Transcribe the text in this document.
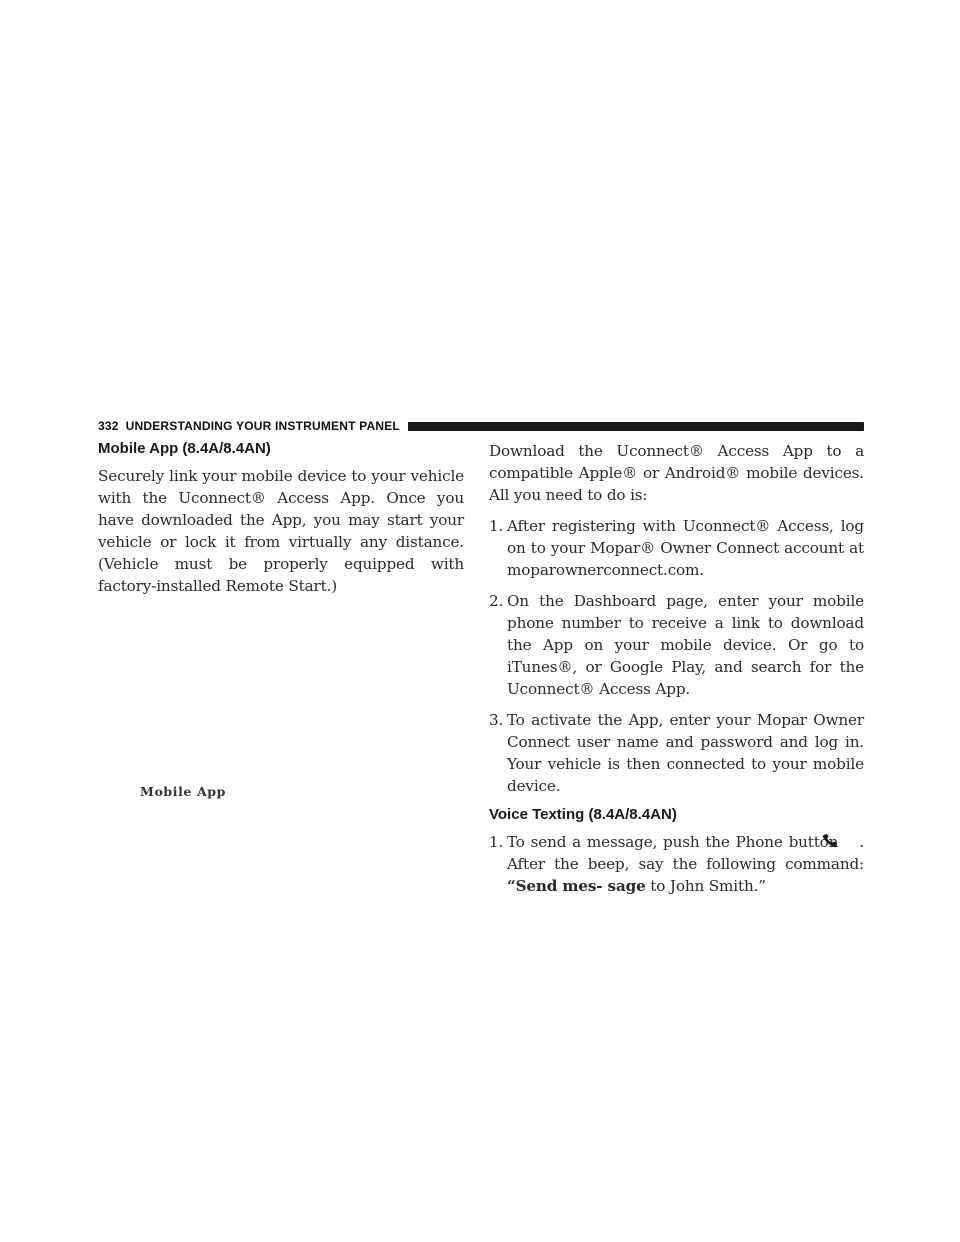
332 UNDERSTANDING YOUR INSTRUMENT PANEL
Mobile App (8.4A/8.4AN)

Securely link your mobile device to your vehicle with the Uconnect® Access App. Once you have downloaded the App, you may start your vehicle or lock it from virtually any distance. (Vehicle must be properly equipped with factory-installed Remote Start.)

Mobile App

Download the Uconnect® Access App to a compatible Apple® or Android® mobile devices. All you need to do is:

1. After registering with Uconnect® Access, log on to your Mopar® Owner Connect account at moparownerconnect.com.
2. On the Dashboard page, enter your mobile phone number to receive a link to download the App on your mobile device. Or go to iTunes®, or Google Play, and search for the Uconnect® Access App.
3. To activate the App, enter your Mopar Owner Connect user name and password and log in. Your vehicle is then connected to your mobile device.
Voice Texting (8.4A/8.4AN)
1. To send a message, push the Phone button . After the beep, say the following command: “Send mes- sage to John Smith.”
